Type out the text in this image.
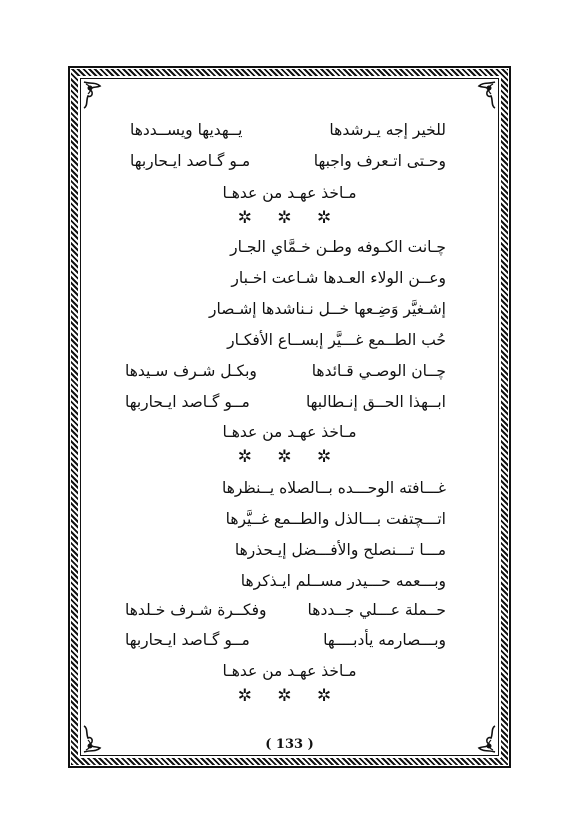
للخير إجه يـرشدها
يــهديها ويســددها
وحـتى اتـعرف واجبها
مـو گـاصد ايـحاربها
مـاخذ عهـد من عدهـا
✲ ✲ ✲
چـانت الكـوفه وطـن خـمَّاي الجـار
وعــن الولاء العـدها شـاعت اخـبار
إشـغيَّر وَضِـعها خــل نـناشدها إشـصار
حُب الطــمع غـــيَّر إبســاع الأفكـار
چــان الوصـي قـائدها
وبكـل شـرف سـيدها
ابــهذا الحــق إنـطالبها
مــو گـاصد ايـحاربها
مـاخذ عهـد من عدهـا
✲ ✲ ✲
غـــافته الوحـــده بــالصلاه يــنظرها
اتـــچتفت بـــالذل والطــمع غــيَّرها
مـــا تـــنصلح والأفـــضل إيـحذرها
وبـــعمه حـــيدر مســلم ايـذكرها
حــملة عـــلي جــددها
وفكــرة شـرف خـلدها
وبـــصارمه يأدبــــها
مــو گـاصد ايـحاربها
مـاخذ عهـد من عدهـا
✲ ✲ ✲
( 133 )
